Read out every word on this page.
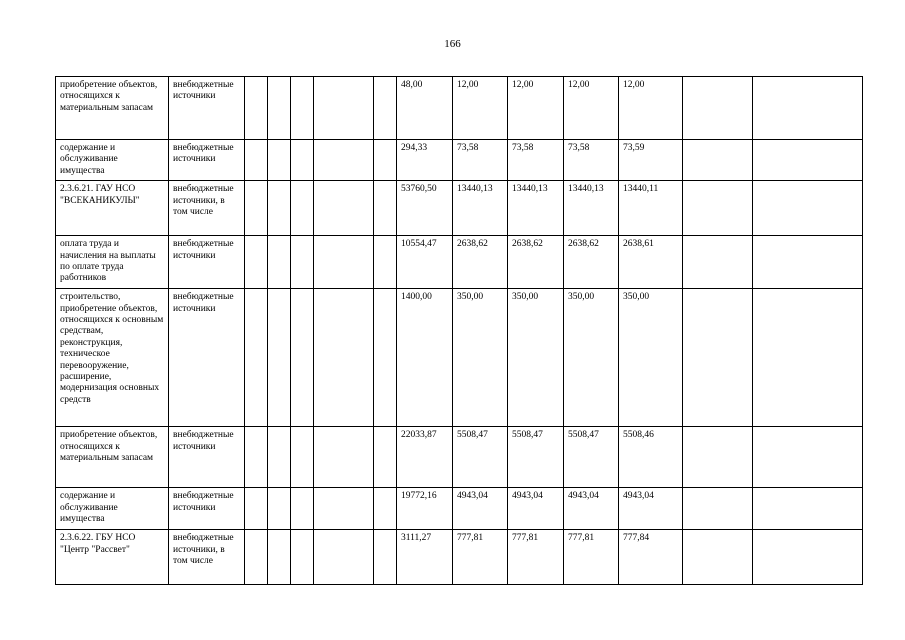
166
приобретение объектов, относящихся к материальным запасам	внебюджетные источники						48,00	12,00	12,00	12,00	12,00		
содержание и обслуживание имущества	внебюджетные источники						294,33	73,58	73,58	73,58	73,59		
2.3.6.21. ГАУ НСО "ВСЕКАНИКУЛЫ"	внебюджетные источники, в том числе						53760,50	13440,13	13440,13	13440,13	13440,11		
оплата труда и начисления на выплаты по оплате труда работников	внебюджетные источники						10554,47	2638,62	2638,62	2638,62	2638,61		
строительство, приобретение объектов, относящихся к основным средствам, реконструкция, техническое перевооружение, расширение, модернизация основных средств	внебюджетные источники						1400,00	350,00	350,00	350,00	350,00		
приобретение объектов, относящихся к материальным запасам	внебюджетные источники						22033,87	5508,47	5508,47	5508,47	5508,46		
содержание и обслуживание имущества	внебюджетные источники						19772,16	4943,04	4943,04	4943,04	4943,04		
2.3.6.22. ГБУ НСО "Центр "Рассвет"	внебюджетные источники, в том числе						3111,27	777,81	777,81	777,81	777,84		
